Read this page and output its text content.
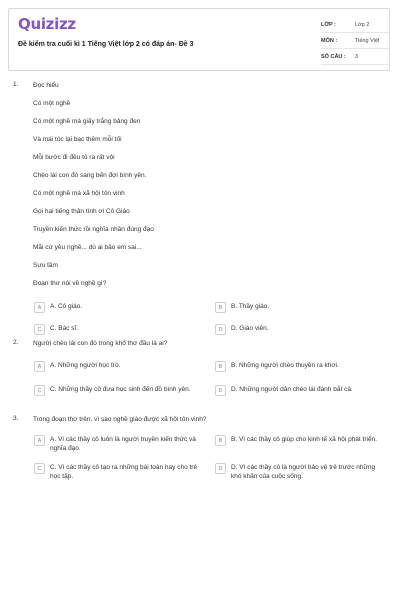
Quizizz
Đề kiểm tra cuối kì 1 Tiếng Việt lớp 2 có đáp án- Đề 3
LỚP :	Lớp 2
MÔN :	Tiếng Việt
SỐ CÂU :	3
1. Đọc hiểu
Có một nghề
Có một nghề mà giấy trắng bảng đen
Và mái tóc lại bạc thêm mỗi tối
Mỗi bước đi đều tỏ ra rất vội
Chèo lái con đò sang bến đợi bình yên.
Có một nghề mà xã hội tôn vinh
Gọi hai tiếng thân tình ơi Cô Giáo
Truyền kiến thức rồi nghĩa nhân đúng đạo
Mãi cứ yêu nghề... dù ai bảo em sai...
Sưu tầm
Đoạn thơ nói về nghề gì?
A	A. Cô giáo.	B	B. Thầy giáo.
C	C. Bác sĩ.	D	D. Giáo viên.
2. Người chèo lái con đò trong khổ thơ đầu là ai?
A	A. Những người học trò.	B	B. Những người chèo thuyền ra khơi.
C	C. Những thầy cô đưa học sinh đến đồ bình yên.	D	D. Những người dân chèo lái đánh bắt cá.
3. Trong đoạn thơ trên, vì sao nghề giáo được xã hội tôn vinh?
A	A. Vì các thầy cô luôn là người truyền kiến thức và nghĩa đạo.
B	B. Vì các thầy cô giúp cho kinh tế xã hội phát triển.
C	C. Vì các thầy cô tạo ra những bài toán hay cho trẻ học tập.
D	D. Vì các thầy cô là người bảo vệ trẻ trước những khó khăn của cuộc sống.
